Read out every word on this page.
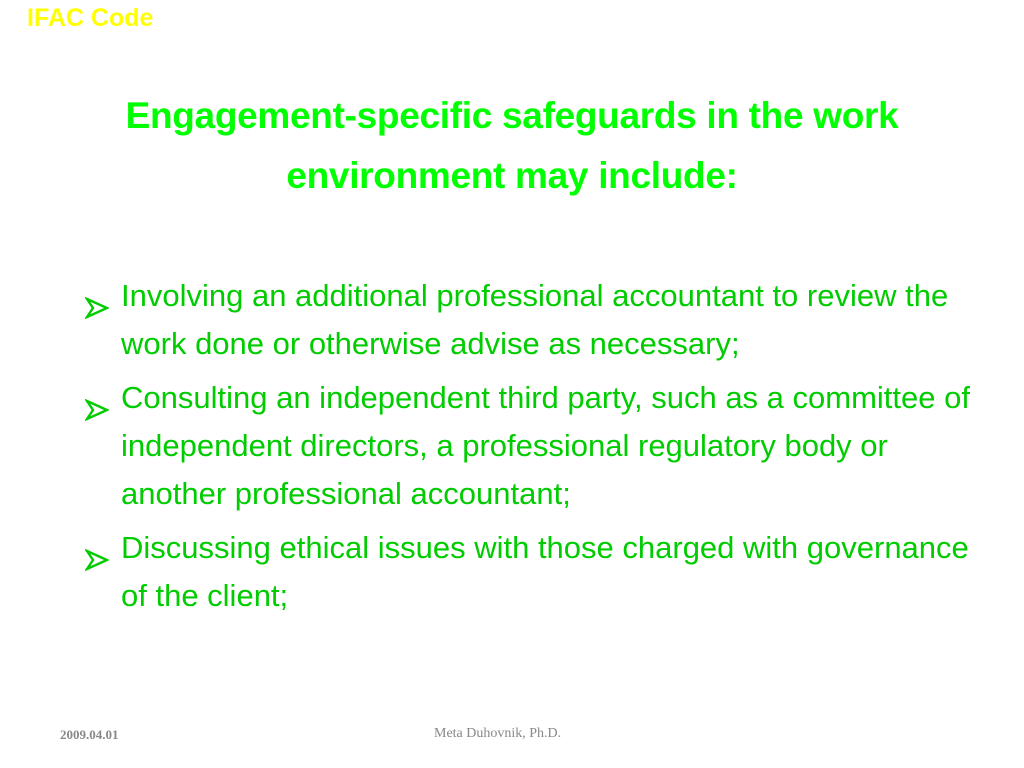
IFAC Code
Engagement-specific safeguards in the work environment may include:
Involving an additional professional accountant to review the work done or otherwise advise as necessary;
Consulting an independent third party, such as a committee of independent directors, a professional regulatory body or another professional accountant;
Discussing ethical issues with those charged with governance of the client;
2009.04.01	Meta Duhovnik, Ph.D.
